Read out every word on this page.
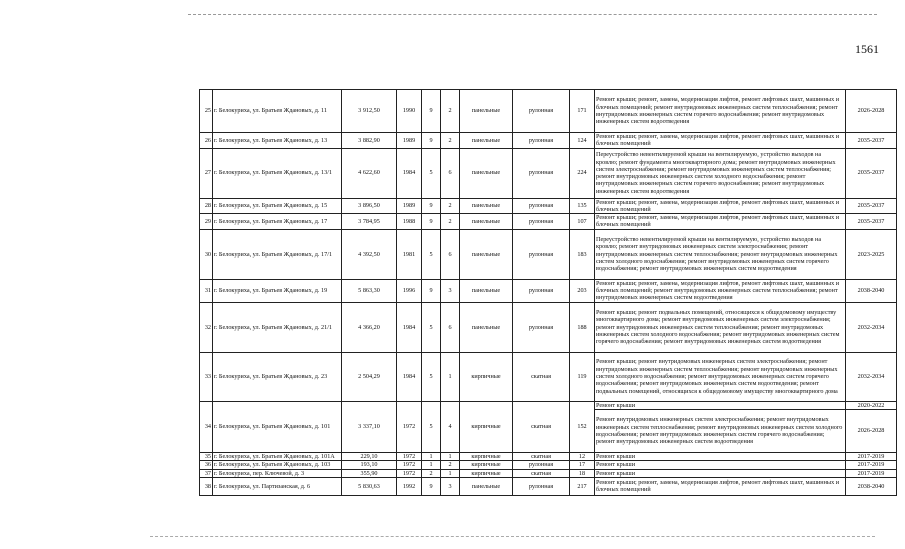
1561
25	г. Белокуриха, ул. Братьев Ждановых, д. 11	3 912,50	1990	9	2	панельные	рулонная	171	Ремонт крыши; ремонт, замена, модернизация лифтов, ремонт лифтовых шахт, машинных и блочных помещений; ремонт внутридомовых инженерных систем теплоснабжения; ремонт внутридомовых инженерных систем горячего водоснабжения; ремонт внутридомовых инженерных систем водоотведения	2026-2028
26	г. Белокуриха, ул. Братьев Ждановых, д. 13	3 882,90	1989	9	2	панельные	рулонная	124	Ремонт крыши; ремонт, замена, модернизация лифтов, ремонт лифтовых шахт, машинных и блочных помещений	2035-2037
27	г. Белокуриха, ул. Братьев Ждановых, д. 13/1	4 622,60	1984	5	6	панельные	рулонная	224	Переустройство невентилируемой крыши на вентилируемую, устройство выходов на кровлю; ремонт фундамента многоквартирного дома; ремонт внутридомовых инженерных систем электроснабжения; ремонт внутридомовых инженерных систем теплоснабжения; ремонт внутридомовых инженерных систем холодного водоснабжения; ремонт внутридомовых инженерных систем горячего водоснабжения; ремонт внутридомовых инженерных систем водоотведения	2035-2037
28	г. Белокуриха, ул. Братьев Ждановых, д. 15	3 896,50	1989	9	2	панельные	рулонная	135	Ремонт крыши; ремонт, замена, модернизация лифтов, ремонт лифтовых шахт, машинных и блочных помещений	2035-2037
29	г. Белокуриха, ул. Братьев Ждановых, д. 17	3 784,95	1988	9	2	панельные	рулонная	107	Ремонт крыши; ремонт, замена, модернизация лифтов, ремонт лифтовых шахт, машинных и блочных помещений	2035-2037
30	г. Белокуриха, ул. Братьев Ждановых, д. 17/1	4 392,50	1981	5	6	панельные	рулонная	183	Переустройство невентилируемой крыши на вентилируемую, устройство выходов на кровлю; ремонт внутридомовых инженерных систем электроснабжения; ремонт внутридомовых инженерных систем теплоснабжения; ремонт внутридомовых инженерных систем холодного водоснабжения; ремонт внутридомовых инженерных систем горячего водоснабжения; ремонт внутридомовых инженерных систем водоотведения	2023-2025
31	г. Белокуриха, ул. Братьев Ждановых, д. 19	5 863,30	1996	9	3	панельные	рулонная	203	Ремонт крыши; ремонт, замена, модернизация лифтов, ремонт лифтовых шахт, машинных и блочных помещений; ремонт внутридомовых инженерных систем теплоснабжения; ремонт внутридомовых инженерных систем водоотведения	2038-2040
32	г. Белокуриха, ул. Братьев Ждановых, д. 21/1	4 366,20	1984	5	6	панельные	рулонная	188	Ремонт крыши; ремонт подвальных помещений, относящихся к общедомовому имуществу многоквартирного дома; ремонт внутридомовых инженерных систем электроснабжения; ремонт внутридомовых инженерных систем теплоснабжения; ремонт внутридомовых инженерных систем холодного водоснабжения; ремонт внутридомовых инженерных систем горячего водоснабжения; ремонт внутридомовых инженерных систем водоотведения	2032-2034
33	г. Белокуриха, ул. Братьев Ждановых, д. 23	2 504,29	1984	5	1	кирпичные	скатная	119	Ремонт крыши; ремонт внутридомовых инженерных систем электроснабжения; ремонт внутридомовых инженерных систем теплоснабжения; ремонт внутридомовых инженерных систем холодного водоснабжения; ремонт внутридомовых инженерных систем горячего водоснабжения; ремонт внутридомовых инженерных систем водоотведения; ремонт подвальных помещений, относящихся к общедомовому имуществу многоквартирного дома	2032-2034
34	г. Белокуриха, ул. Братьев Ждановых, д. 101	3 337,10	1972	5	4	кирпичные	скатная	152	Ремонт крыши	2020-2022
									Ремонт внутридомовых инженерных систем электроснабжения; ремонт внутридомовых инженерных систем теплоснабжения; ремонт внутридомовых инженерных систем холодного водоснабжения; ремонт внутридомовых инженерных систем горячего водоснабжения; ремонт внутридомовых инженерных систем водоотведения	2026-2028
35	г. Белокуриха, ул. Братьев Ждановых, д. 101А	229,10	1972	1	1	кирпичные	скатная	12	Ремонт крыши	2017-2019
36	г. Белокуриха, ул. Братьев Ждановых, д. 103	193,10	1972	1	2	кирпичные	рулонная	17	Ремонт крыши	2017-2019
37	г. Белокуриха, пер. Ключевой, д. 3	355,90	1972	2	1	кирпичные	скатная	18	Ремонт крыши	2017-2019
38	г. Белокуриха, ул. Партизанская, д. 6	5 830,63	1992	9	3	панельные	рулонная	217	Ремонт крыши; ремонт, замена, модернизация лифтов, ремонт лифтовых шахт, машинных и блочных помещений	2038-2040
